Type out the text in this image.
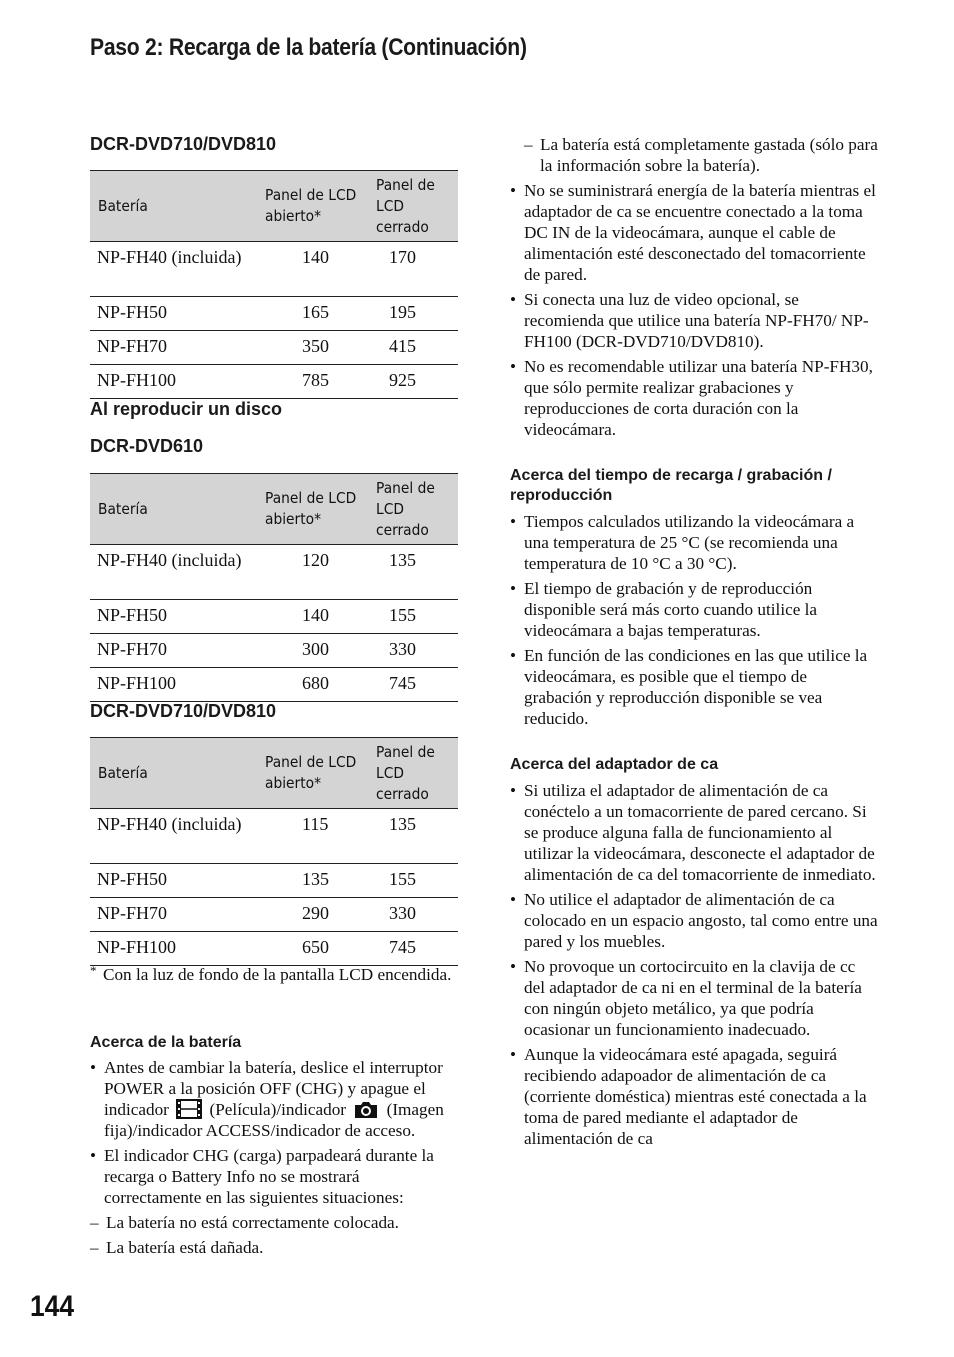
Paso 2: Recarga de la batería (Continuación)
DCR-DVD710/DVD810
Batería	Panel de LCD abierto*	Panel de LCD cerrado
NP-FH40 (incluida)	140	170
NP-FH50	165	195
NP-FH70	350	415
NP-FH100	785	925
Al reproducir un disco
DCR-DVD610
Batería	Panel de LCD abierto*	Panel de LCD cerrado
NP-FH40 (incluida)	120	135
NP-FH50	140	155
NP-FH70	300	330
NP-FH100	680	745
DCR-DVD710/DVD810
Batería	Panel de LCD abierto*	Panel de LCD cerrado
NP-FH40 (incluida)	115	135
NP-FH50	135	155
NP-FH70	290	330
NP-FH100	650	745
* Con la luz de fondo de la pantalla LCD encendida.
Acerca de la batería
• Antes de cambiar la batería, deslice el interruptor POWER a la posición OFF (CHG) y apague el indicador (Película)/indicador (Imagen fija)/indicador ACCESS/indicador de acceso.
• El indicador CHG (carga) parpadeará durante la recarga o Battery Info no se mostrará correctamente en las siguientes situaciones:
– La batería no está correctamente colocada.
– La batería está dañada.
– La batería está completamente gastada (sólo para la información sobre la batería).
• No se suministrará energía de la batería mientras el adaptador de ca se encuentre conectado a la toma DC IN de la videocámara, aunque el cable de alimentación esté desconectado del tomacorriente de pared.
• Si conecta una luz de video opcional, se recomienda que utilice una batería NP-FH70/ NP-FH100 (DCR-DVD710/DVD810).
• No es recomendable utilizar una batería NP-FH30, que sólo permite realizar grabaciones y reproducciones de corta duración con la videocámara.
Acerca del tiempo de recarga / grabación / reproducción
• Tiempos calculados utilizando la videocámara a una temperatura de 25 °C (se recomienda una temperatura de 10 °C a 30 °C).
• El tiempo de grabación y de reproducción disponible será más corto cuando utilice la videocámara a bajas temperaturas.
• En función de las condiciones en las que utilice la videocámara, es posible que el tiempo de grabación y reproducción disponible se vea reducido.
Acerca del adaptador de ca
• Si utiliza el adaptador de alimentación de ca conéctelo a un tomacorriente de pared cercano. Si se produce alguna falla de funcionamiento al utilizar la videocámara, desconecte el adaptador de alimentación de ca del tomacorriente de inmediato.
• No utilice el adaptador de alimentación de ca colocado en un espacio angosto, tal como entre una pared y los muebles.
• No provoque un cortocircuito en la clavija de cc del adaptador de ca ni en el terminal de la batería con ningún objeto metálico, ya que podría ocasionar un funcionamiento inadecuado.
• Aunque la videocámara esté apagada, seguirá recibiendo adapoador de alimentación de ca (corriente doméstica) mientras esté conectada a la toma de pared mediante el adaptador de alimentación de ca
144
